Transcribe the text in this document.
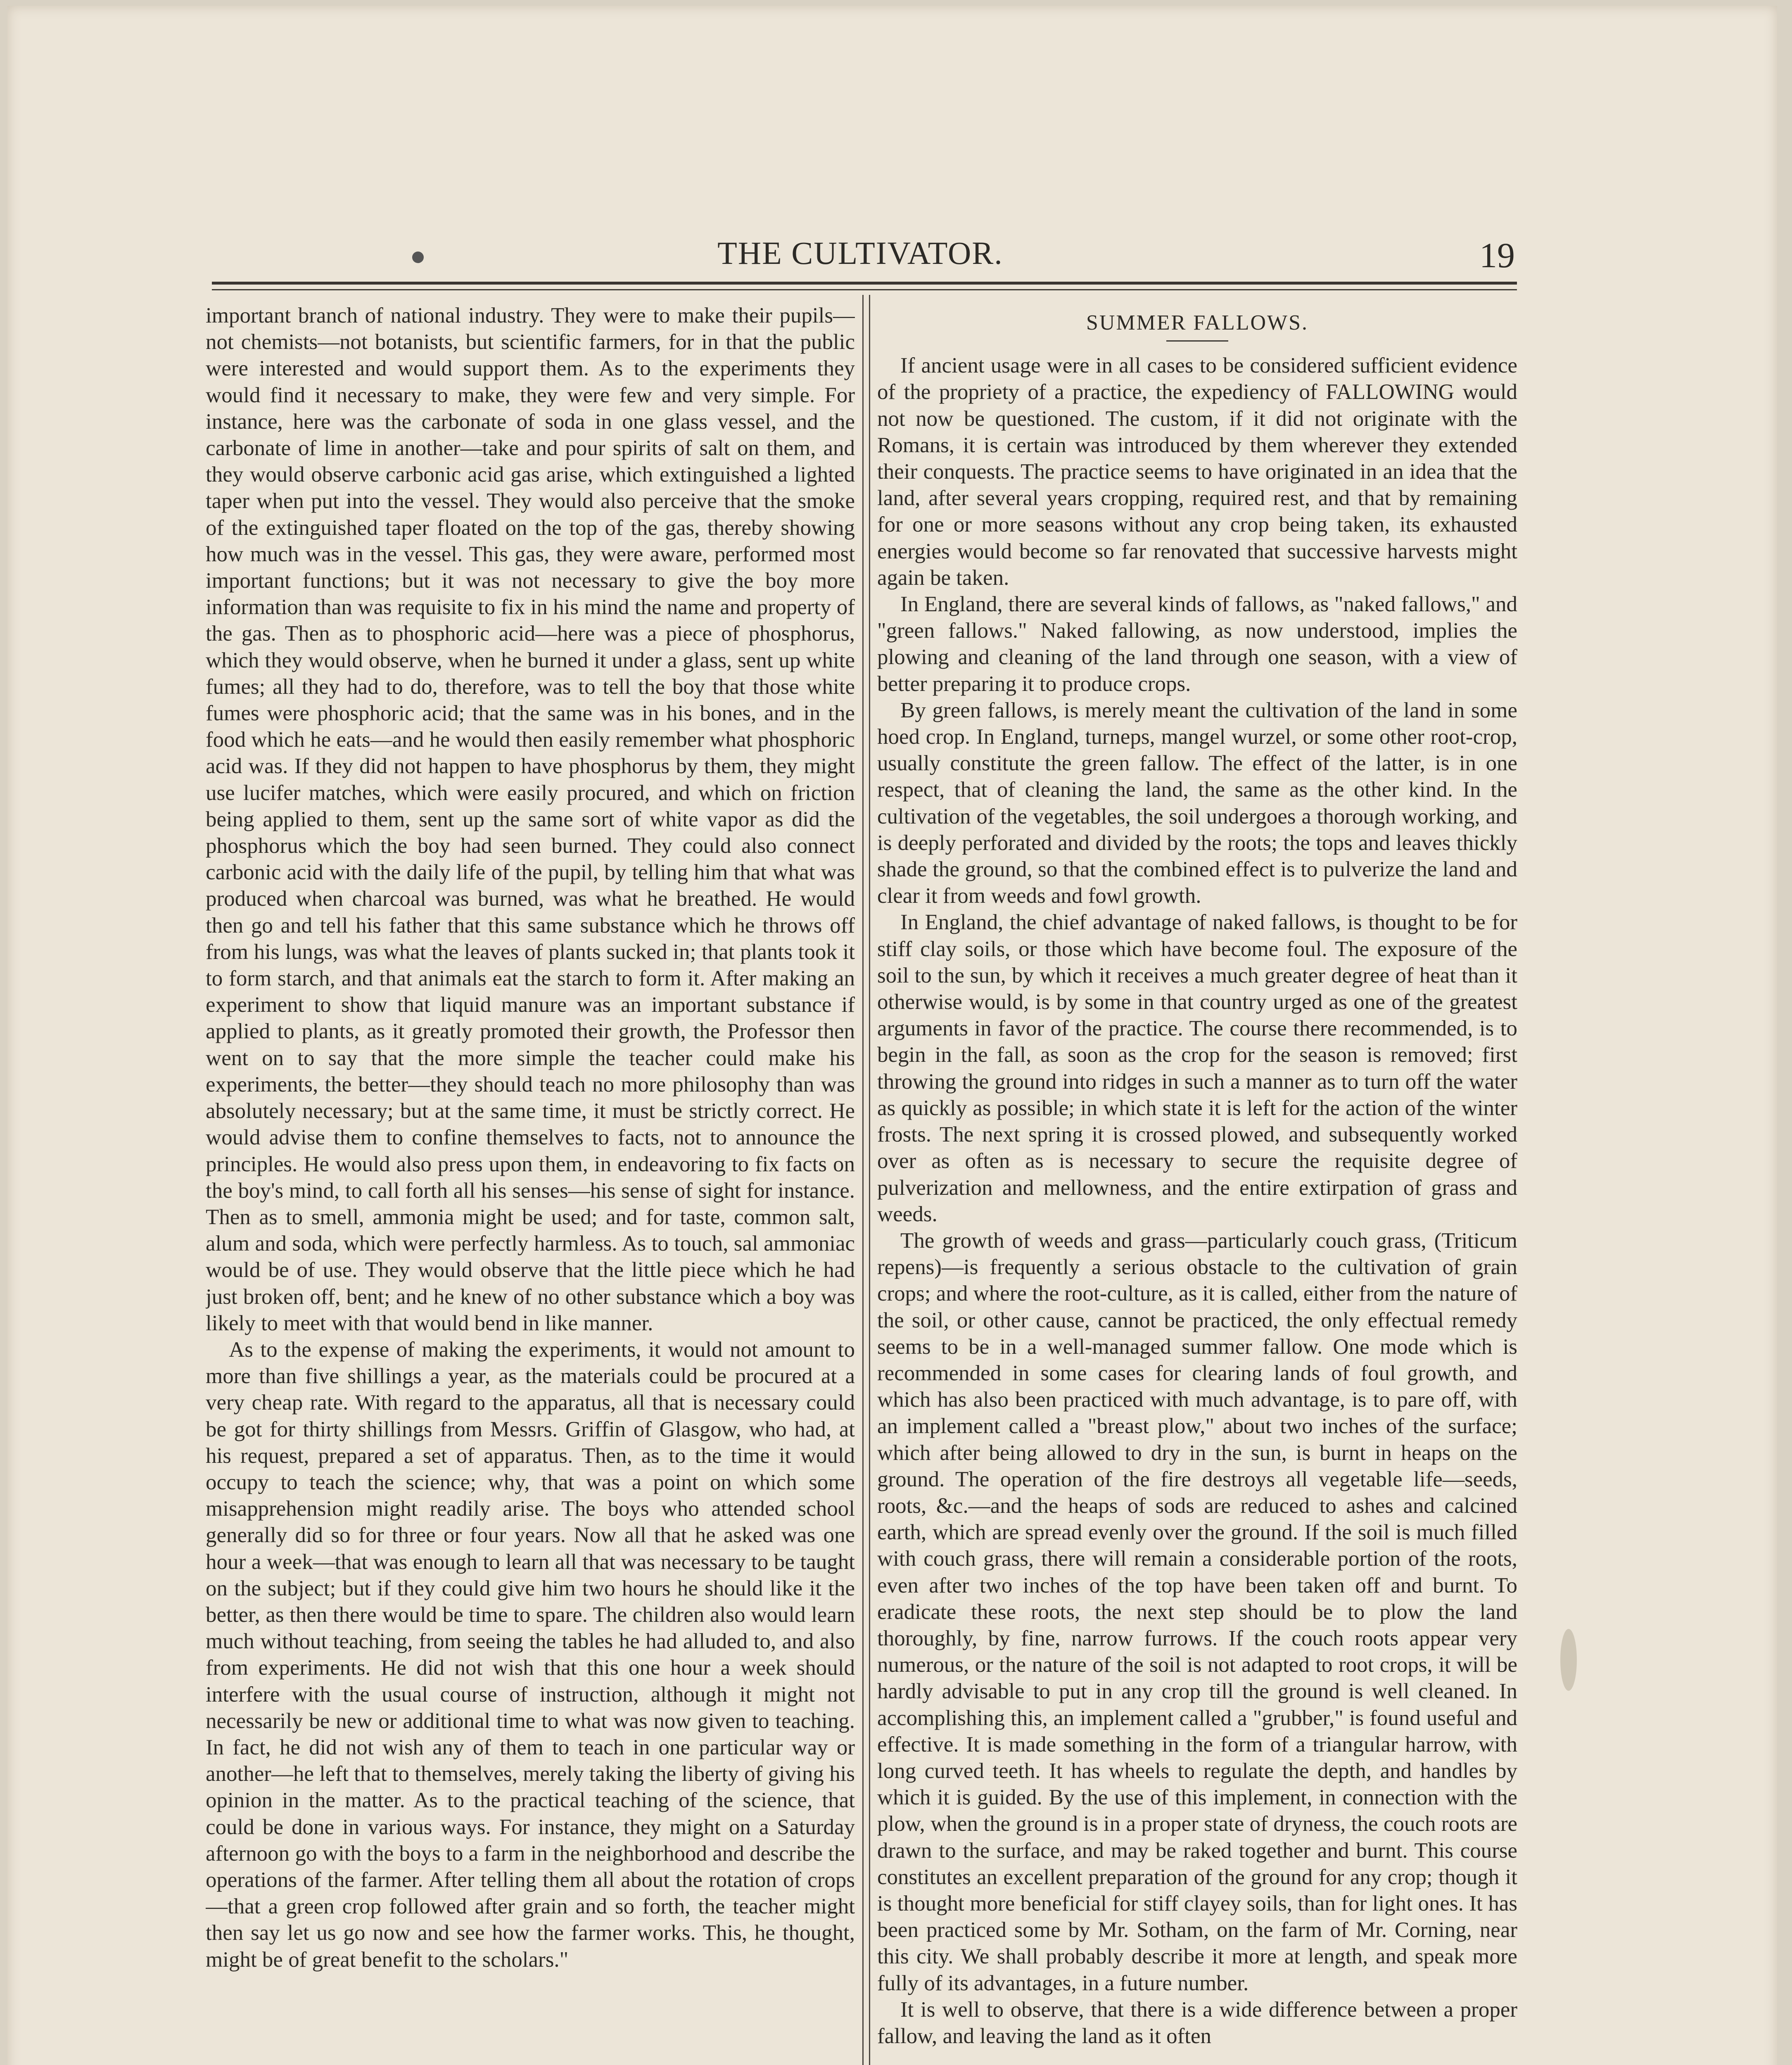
THE CULTIVATOR.	19

important branch of national industry. They were to make their pupils—not chemists—not botanists, but scientific farmers, for in that the public were interested and would support them. As to the experiments they would find it necessary to make, they were few and very simple. For instance, here was the carbonate of soda in one glass vessel, and the carbonate of lime in another—take and pour spirits of salt on them, and they would observe carbonic acid gas arise, which extinguished a lighted taper when put into the vessel. They would also perceive that the smoke of the extinguished taper floated on the top of the gas, thereby showing how much was in the vessel. This gas, they were aware, performed most important functions; but it was not necessary to give the boy more information than was requisite to fix in his mind the name and property of the gas. Then as to phosphoric acid—here was a piece of phosphorus, which they would observe, when he burned it under a glass, sent up white fumes; all they had to do, therefore, was to tell the boy that those white fumes were phosphoric acid; that the same was in his bones, and in the food which he eats—and he would then easily remember what phosphoric acid was. If they did not happen to have phosphorus by them, they might use lucifer matches, which were easily procured, and which on friction being applied to them, sent up the same sort of white vapor as did the phosphorus which the boy had seen burned. They could also connect carbonic acid with the daily life of the pupil, by telling him that what was produced when charcoal was burned, was what he breathed. He would then go and tell his father that this same substance which he throws off from his lungs, was what the leaves of plants sucked in; that plants took it to form starch, and that animals eat the starch to form it. After making an experiment to show that liquid manure was an important substance if applied to plants, as it greatly promoted their growth, the Professor then went on to say that the more simple the teacher could make his experiments, the better—they should teach no more philosophy than was absolutely necessary; but at the same time, it must be strictly correct. He would advise them to confine themselves to facts, not to announce the principles. He would also press upon them, in endeavoring to fix facts on the boy's mind, to call forth all his senses—his sense of sight for instance. Then as to smell, ammonia might be used; and for taste, common salt, alum and soda, which were perfectly harmless. As to touch, sal ammoniac would be of use. They would observe that the little piece which he had just broken off, bent; and he knew of no other substance which a boy was likely to meet with that would bend in like manner.

As to the expense of making the experiments, it would not amount to more than five shillings a year, as the materials could be procured at a very cheap rate. With regard to the apparatus, all that is necessary could be got for thirty shillings from Messrs. Griffin of Glasgow, who had, at his request, prepared a set of apparatus. Then, as to the time it would occupy to teach the science; why, that was a point on which some misapprehension might readily arise. The boys who attended school generally did so for three or four years. Now all that he asked was one hour a week—that was enough to learn all that was necessary to be taught on the subject; but if they could give him two hours he should like it the better, as then there would be time to spare. The children also would learn much without teaching, from seeing the tables he had alluded to, and also from experiments. He did not wish that this one hour a week should interfere with the usual course of instruction, although it might not necessarily be new or additional time to what was now given to teaching. In fact, he did not wish any of them to teach in one particular way or another—he left that to themselves, merely taking the liberty of giving his opinion in the matter. As to the practical teaching of the science, that could be done in various ways. For instance, they might on a Saturday afternoon go with the boys to a farm in the neighborhood and describe the operations of the farmer. After telling them all about the rotation of crops—that a green crop followed after grain and so forth, the teacher might then say let us go now and see how the farmer works. This, he thought, might be of great benefit to the scholars."

SUMMER FALLOWS.

If ancient usage were in all cases to be considered sufficient evidence of the propriety of a practice, the expediency of FALLOWING would not now be questioned. The custom, if it did not originate with the Romans, it is certain was introduced by them wherever they extended their conquests. The practice seems to have originated in an idea that the land, after several years cropping, required rest, and that by remaining for one or more seasons without any crop being taken, its exhausted energies would become so far renovated that successive harvests might again be taken.

In England, there are several kinds of fallows, as "naked fallows," and "green fallows." Naked fallowing, as now understood, implies the plowing and cleaning of the land through one season, with a view of better preparing it to produce crops.

By green fallows, is merely meant the cultivation of the land in some hoed crop. In England, turneps, mangel wurzel, or some other root-crop, usually constitute the green fallow. The effect of the latter, is in one respect, that of cleaning the land, the same as the other kind. In the cultivation of the vegetables, the soil undergoes a thorough working, and is deeply perforated and divided by the roots; the tops and leaves thickly shade the ground, so that the combined effect is to pulverize the land and clear it from weeds and fowl growth.

In England, the chief advantage of naked fallows, is thought to be for stiff clay soils, or those which have become foul. The exposure of the soil to the sun, by which it receives a much greater degree of heat than it otherwise would, is by some in that country urged as one of the greatest arguments in favor of the practice. The course there recommended, is to begin in the fall, as soon as the crop for the season is removed; first throwing the ground into ridges in such a manner as to turn off the water as quickly as possible; in which state it is left for the action of the winter frosts. The next spring it is crossed plowed, and subsequently worked over as often as is necessary to secure the requisite degree of pulverization and mellowness, and the entire extirpation of grass and weeds.

The growth of weeds and grass—particularly couch grass, (Triticum repens)—is frequently a serious obstacle to the cultivation of grain crops; and where the root-culture, as it is called, either from the nature of the soil, or other cause, cannot be practiced, the only effectual remedy seems to be in a well-managed summer fallow. One mode which is recommended in some cases for clearing lands of foul growth, and which has also been practiced with much advantage, is to pare off, with an implement called a "breast plow," about two inches of the surface; which after being allowed to dry in the sun, is burnt in heaps on the ground. The operation of the fire destroys all vegetable life—seeds, roots, &c.—and the heaps of sods are reduced to ashes and calcined earth, which are spread evenly over the ground. If the soil is much filled with couch grass, there will remain a considerable portion of the roots, even after two inches of the top have been taken off and burnt. To eradicate these roots, the next step should be to plow the land thoroughly, by fine, narrow furrows. If the couch roots appear very numerous, or the nature of the soil is not adapted to root crops, it will be hardly advisable to put in any crop till the ground is well cleaned. In accomplishing this, an implement called a "grubber," is found useful and effective. It is made something in the form of a triangular harrow, with long curved teeth. It has wheels to regulate the depth, and handles by which it is guided. By the use of this implement, in connection with the plow, when the ground is in a proper state of dryness, the couch roots are drawn to the surface, and may be raked together and burnt. This course constitutes an excellent preparation of the ground for any crop; though it is thought more beneficial for stiff clayey soils, than for light ones. It has been practiced some by Mr. Sotham, on the farm of Mr. Corning, near this city. We shall probably describe it more at length, and speak more fully of its advantages, in a future number.

It is well to observe, that there is a wide difference between a proper fallow, and leaving the land as it often
